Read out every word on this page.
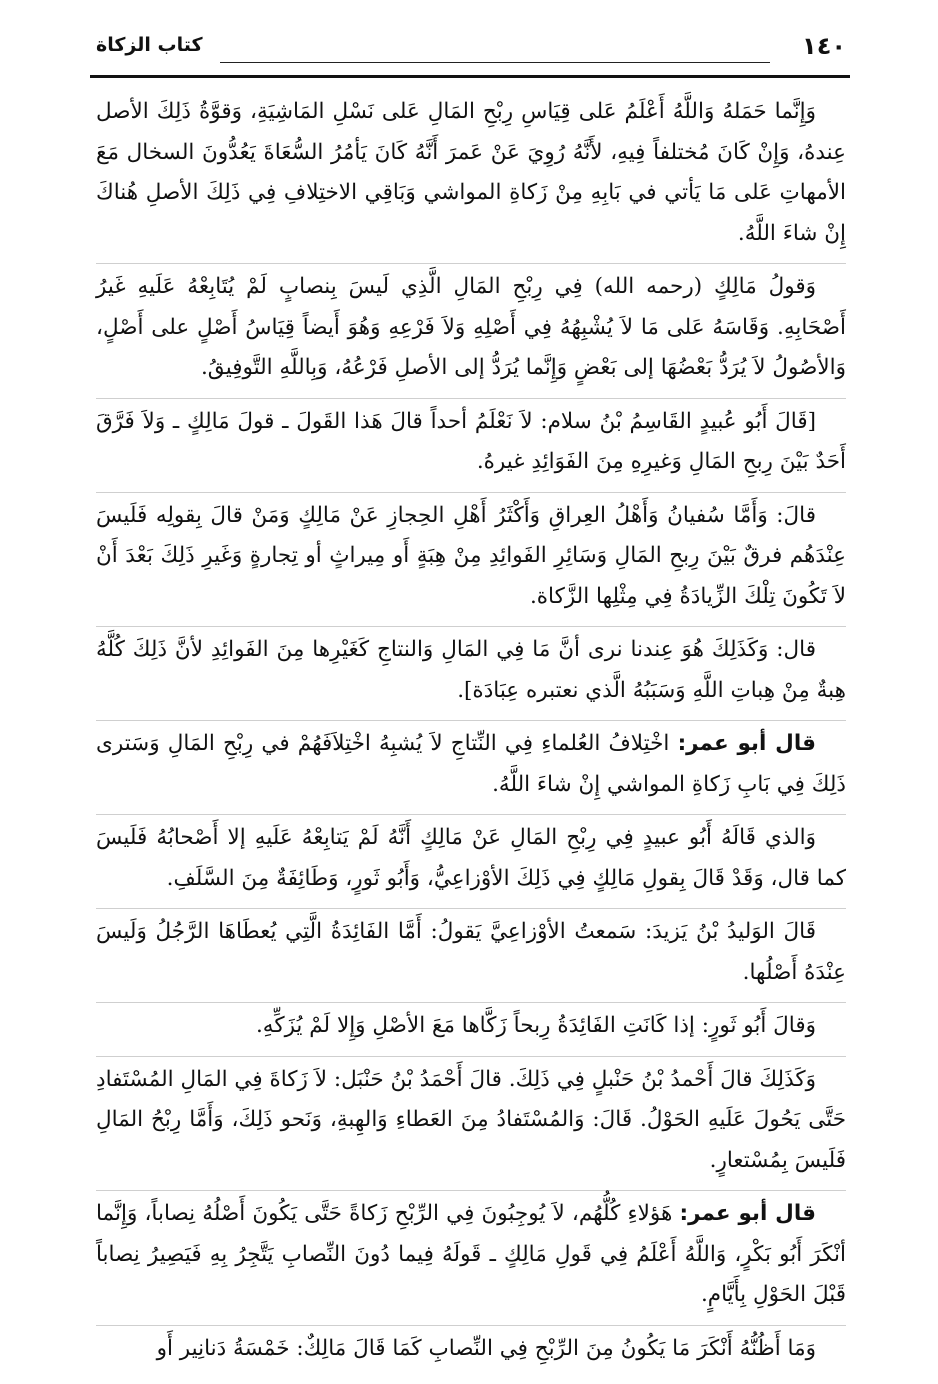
١٤٠
كتاب الزكاة

وَإِنَّما حَمَلهُ وَاللَّهُ أَعْلَمُ عَلى قِيَاسِ رِبْحِ المَالِ عَلى نَسْلِ المَاشِيَةِ، وَقوَّةُ ذَلِكَ الأصل عِندهُ، وَإِنْ كَانَ مُختلفاً فِيهِ، لأَنَّهُ رُوِيَ عَنْ عَمرَ أَنَّهُ كَانَ يَأمُرُ السُّعَاةَ يَعُدُّونَ السخال مَعَ الأمهاتِ عَلى مَا يَأتي في بَابِهِ مِنْ زَكاةِ المواشي وَبَاقِي الاختِلافِ فِي ذَلِكَ الأصلِ هُناكَ إِنْ شاءَ اللَّهُ.

وَقولُ مَالِكٍ (رحمه الله) فِي رِبْحِ المَالِ الَّذِي لَيسَ بِنصابٍ لَمْ يُتَابِعْهُ عَلَيهِ غَيرُ أَصْحَابِهِ. وَقَاسَهُ عَلى مَا لاَ يُشْبِهُهُ فِي أَصْلِهِ وَلاَ فَرْعِهِ وَهُوَ أَيضاً قِيَاسُ أَصْلٍ على أَصْلٍ، وَالأصُولُ لاَ يُرَدُّ بَعْضُهَا إلى بَعْضٍ وَإِنَّما يُرَدُّ إلى الأصلِ فَرْعُهُ، وَبِاللَّهِ التَّوفِيقُ.

[قَالَ أَبُو عُبيدٍ القَاسِمُ بْنُ سلام: لاَ نَعْلَمُ أحداً قالَ هَذا القَولَ ـ قولَ مَالِكٍ ـ وَلاَ فَرَّقَ أَحَدٌ بَيْنَ رِبحِ المَالِ وَغيرِهِ مِنَ الفَوَائِدِ غيرهُ.

قالَ: وَأَمَّا سُفيانُ وَأَهْلُ العِراقِ وَأَكْثَرُ أَهْلِ الحِجازِ عَنْ مَالِكٍ وَمَنْ قالَ بِقولِه فَلَيسَ عِنْدَهُم فرقٌ بَيْنَ رِبحِ المَالِ وَسَائِرِ الفَوائِدِ مِنْ هِبَةٍ أَو مِيراثٍ أو تِجارةٍ وَغَيرِ ذَلِكَ بَعْدَ أَنْ لاَ تَكُونَ تِلْكَ الزِّيادَةُ فِي مِثْلِها الزَّكاة.

قال: وَكَذَلِكَ هُوَ عِندنا نرى أنَّ مَا فِي المَالِ وَالنتاجِ كَغَيْرِها مِنَ الفَوائِدِ لأنَّ ذَلِكَ كُلَّهُ هِبةٌ مِنْ هِباتِ اللَّهِ وَسَبَبُهُ الَّذي نعتبره عِبَادَة].

قال أبو عمر: اخْتِلافُ العُلماءِ فِي النِّتاجِ لاَ يُشبِهُ اخْتِلاَفَهُمْ في رِبْحِ المَالِ وَسَترى ذَلِكَ فِي بَابِ زَكاةِ المواشي إِنْ شاءَ اللَّهُ.

وَالذي قَالَهُ أَبُو عبيدٍ فِي رِبْحِ المَالِ عَنْ مَالِكٍ أَنَّهُ لَمْ يَتابِعْهُ عَلَيهِ إلا أَصْحابُهُ فَلَيسَ كما قال، وَقَدْ قَالَ بِقولِ مَالِكٍ فِي ذَلِكَ الأوْزاعِيُّ، وَأَبُو ثَورٍ، وَطَائِفَةٌ مِنَ السَّلَفِ.

قَالَ الوَليدُ بْنُ يَزيدَ: سَمعتُ الأوْزاعِيَّ يَقولُ: أَمَّا الفَائِدَةُ الَّتِي يُعطَاهَا الرَّجُلُ وَلَيسَ عِنْدَهُ أَصْلُها.

وَقالَ أَبُو ثَورٍ: إذا كَانَتِ الفَائِدَةُ رِبحاً زَكَّاها مَعَ الأصْلِ وَإِلا لَمْ يُزَكِّهِ.

وَكَذَلِكَ قالَ أَحْمدُ بْنُ حَنْبلٍ فِي ذَلِكَ. قالَ أَحْمَدُ بْنُ حَنْبَل: لاَ زَكاةَ فِي المَالِ المُسْتَفادِ حَتَّى يَحُولَ عَلَيهِ الحَوْلُ. قَالَ: وَالمُسْتَفادُ مِنَ العَطاءِ وَالهِبةِ، وَنَحو ذَلِكَ، وَأَمَّا رِبْحُ المَالِ فَلَيسَ بِمُسْتعارٍ.

قال أبو عمر: هَؤلاءِ كُلُّهُم، لاَ يُوجِبُونَ فِي الرِّبْحِ زَكاةً حَتَّى يَكُونَ أَصْلُهُ نِصاباً، وَإِنَّما أنْكَرَ أَبُو بَكْرٍ، وَاللَّهُ أَعْلَمُ فِي قَولِ مَالِكٍ ـ قَولَهُ فِيما دُونَ النِّصابِ يَتَّجِرُ بِهِ فَيَصِيرُ نِصاباً قَبْلَ الحَوْلِ بِأَيَّامٍ.

وَمَا أَظُنُّهُ أَنْكَرَ مَا يَكُونُ مِنَ الرِّبْحِ فِي النِّصابِ كَمَا قَالَ مَالِكٌ: خَمْسَةُ دَنانِير أَو
